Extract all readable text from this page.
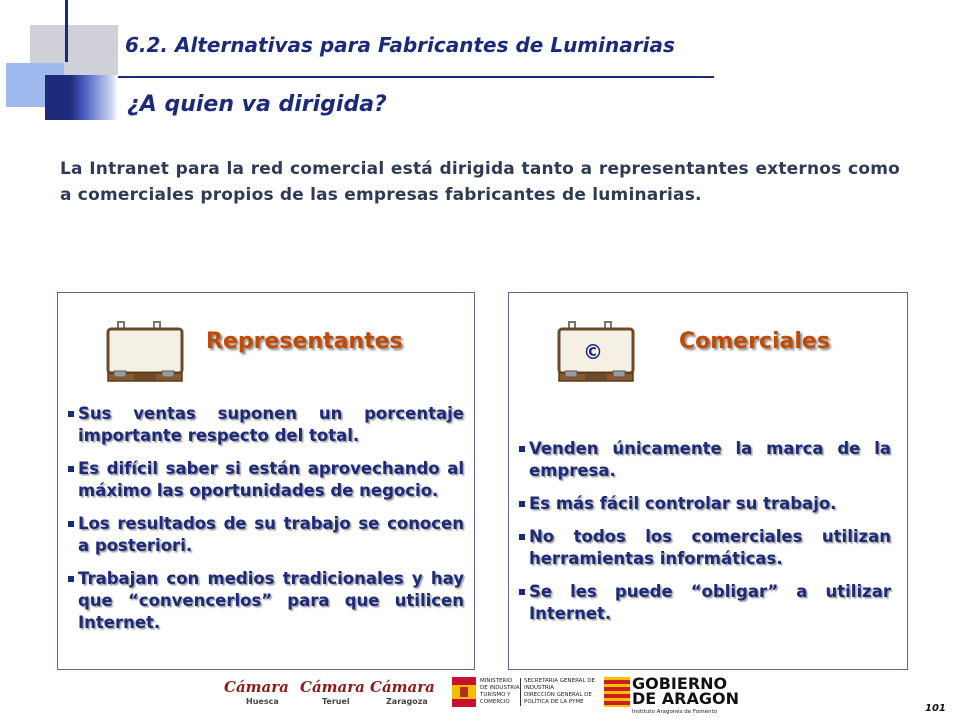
6.2. Alternativas para Fabricantes de Luminarias
¿A quien va dirigida?

La Intranet para la red comercial está dirigida tanto a representantes externos como a comerciales propios de las empresas fabricantes de luminarias.

Representantes
Sus ventas suponen un porcentaje importante respecto del total.
Es difícil saber si están aprovechando al máximo las oportunidades de negocio.
Los resultados de su trabajo se conocen a posteriori.
Trabajan con medios tradicionales y hay que “convencerlos” para que utilicen Internet.
©	Comerciales
Venden únicamente la marca de la empresa.
Es más fácil controlar su trabajo.
No todos los comerciales utilizan herramientas informáticas.
Se les puede “obligar” a utilizar Internet.
Cámara
Huesca
Cámara
Teruel
Cámara
Zaragoza
MINISTERIO
DE INDUSTRIA,
TURISMO Y
COMERCIO
SECRETARIA GENERAL DE
INDUSTRIA
DIRECCIÓN GENERAL DE
POLÍTICA DE LA PYME
GOBIERNO
DE ARAGON
Instituto Aragonés de Fomento	101
